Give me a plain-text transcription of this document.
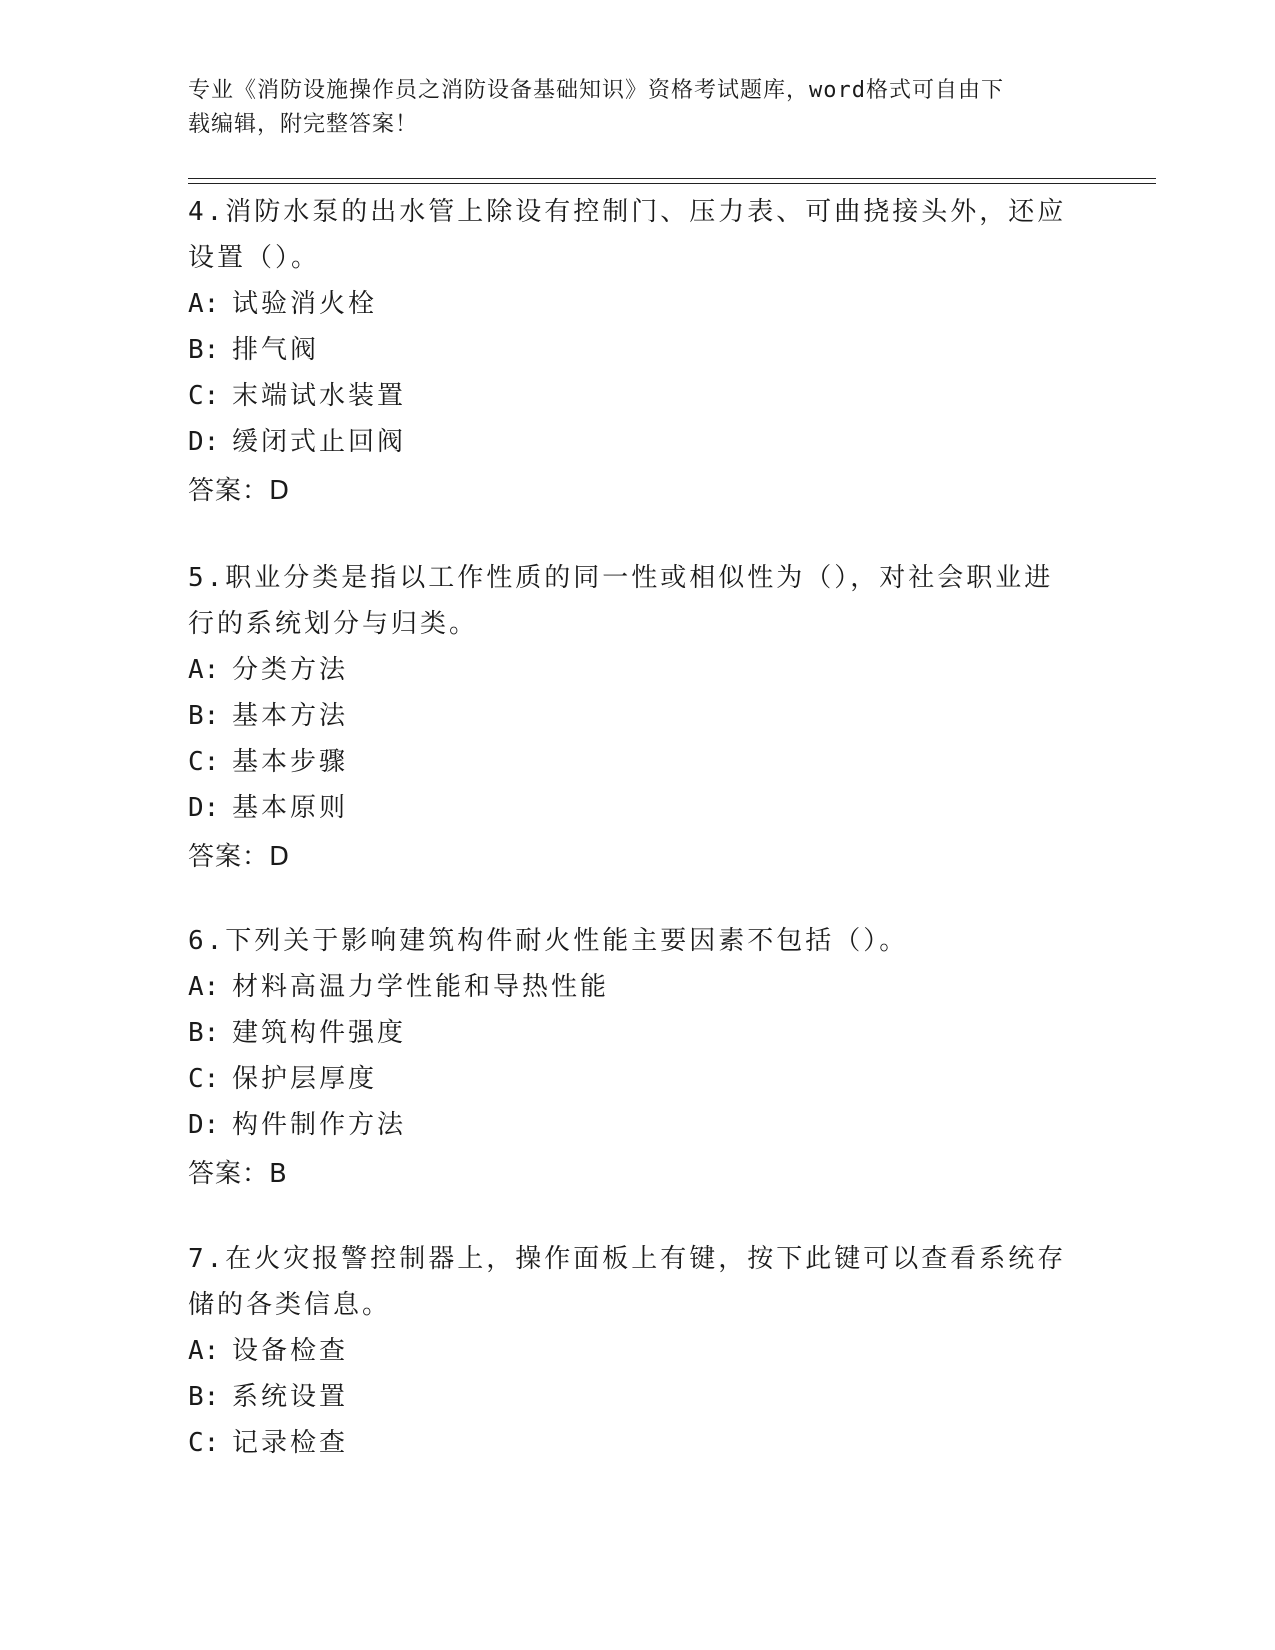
专业《消防设施操作员之消防设备基础知识》资格考试题库，word格式可自由下
载编辑，附完整答案！
4.消防水泵的出水管上除设有控制门、压力表、可曲挠接头外，还应
设置（）。
A: 试验消火栓
B: 排气阀
C: 末端试水装置
D: 缓闭式止回阀
答案：D
5.职业分类是指以工作性质的同一性或相似性为（），对社会职业进
行的系统划分与归类。
A: 分类方法
B: 基本方法
C: 基本步骤
D: 基本原则
答案：D
6.下列关于影响建筑构件耐火性能主要因素不包括（）。
A: 材料高温力学性能和导热性能
B: 建筑构件强度
C: 保护层厚度
D: 构件制作方法
答案：B
7.在火灾报警控制器上，操作面板上有键，按下此键可以查看系统存
储的各类信息。
A: 设备检查
B: 系统设置
C: 记录检查
